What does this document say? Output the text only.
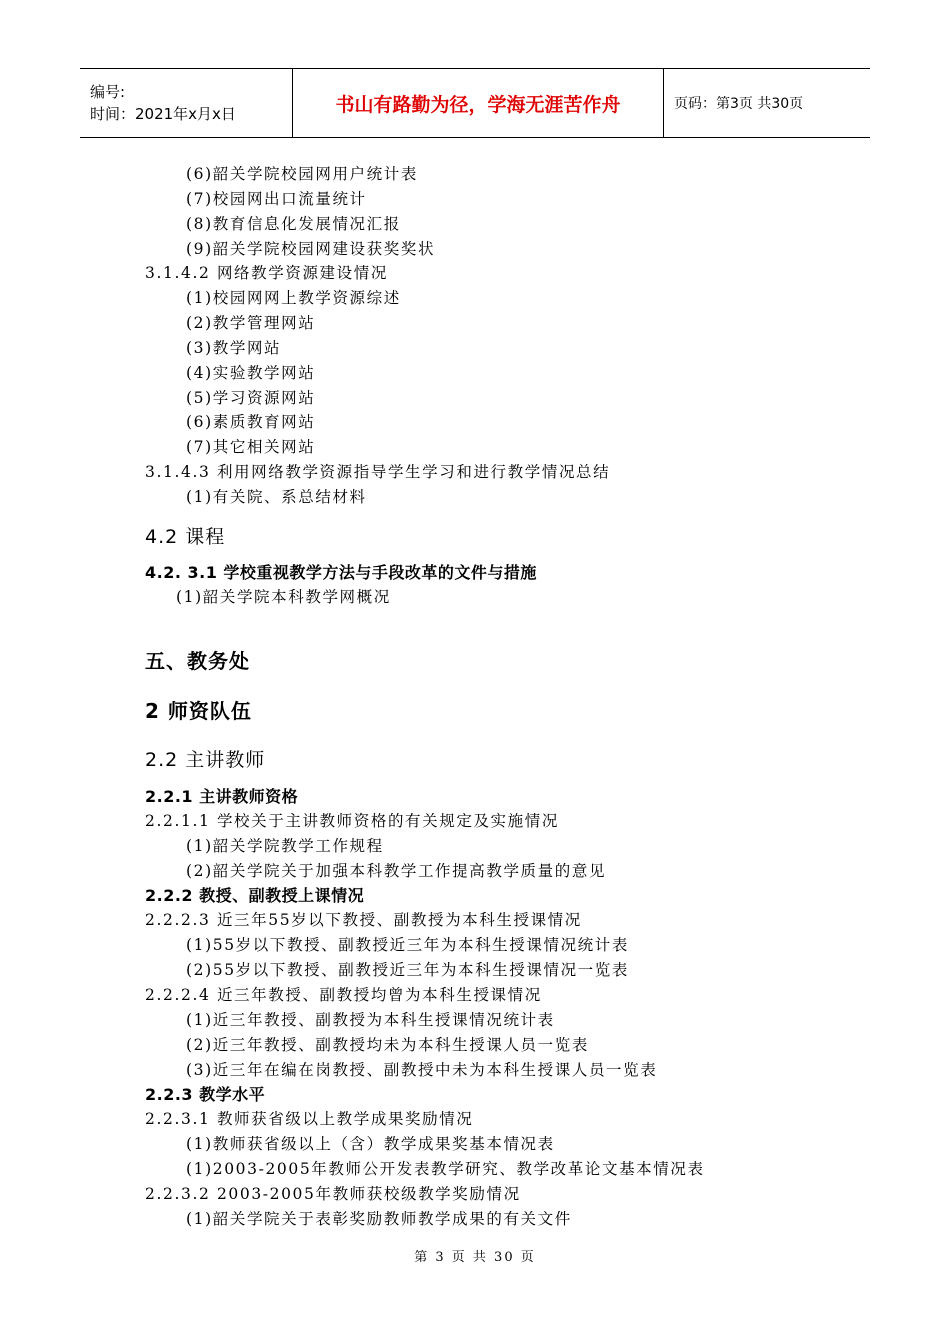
编号:
时间：2021年x月x日	书山有路勤为径，学海无涯苦作舟	页码：第3页 共30页
(6)韶关学院校园网用户统计表
(7)校园网出口流量统计
(8)教育信息化发展情况汇报
(9)韶关学院校园网建设获奖奖状
3.1.4.2 网络教学资源建设情况
(1)校园网网上教学资源综述
(2)教学管理网站
(3)教学网站
(4)实验教学网站
(5)学习资源网站
(6)素质教育网站
(7)其它相关网站
3.1.4.3 利用网络教学资源指导学生学习和进行教学情况总结
(1)有关院、系总结材料
4.2 课程
4.2. 3.1 学校重视教学方法与手段改革的文件与措施
(1)韶关学院本科教学网概况
五、教务处
2 师资队伍
2.2 主讲教师
2.2.1 主讲教师资格
2.2.1.1 学校关于主讲教师资格的有关规定及实施情况
(1)韶关学院教学工作规程
(2)韶关学院关于加强本科教学工作提高教学质量的意见
2.2.2 教授、副教授上课情况
2.2.2.3 近三年55岁以下教授、副教授为本科生授课情况
(1)55岁以下教授、副教授近三年为本科生授课情况统计表
(2)55岁以下教授、副教授近三年为本科生授课情况一览表
2.2.2.4 近三年教授、副教授均曾为本科生授课情况
(1)近三年教授、副教授为本科生授课情况统计表
(2)近三年教授、副教授均未为本科生授课人员一览表
(3)近三年在编在岗教授、副教授中未为本科生授课人员一览表
2.2.3 教学水平
2.2.3.1 教师获省级以上教学成果奖励情况
(1)教师获省级以上（含）教学成果奖基本情况表
(1)2003-2005年教师公开发表教学研究、教学改革论文基本情况表
2.2.3.2 2003-2005年教师获校级教学奖励情况
(1)韶关学院关于表彰奖励教师教学成果的有关文件
第 3 页 共 30 页
